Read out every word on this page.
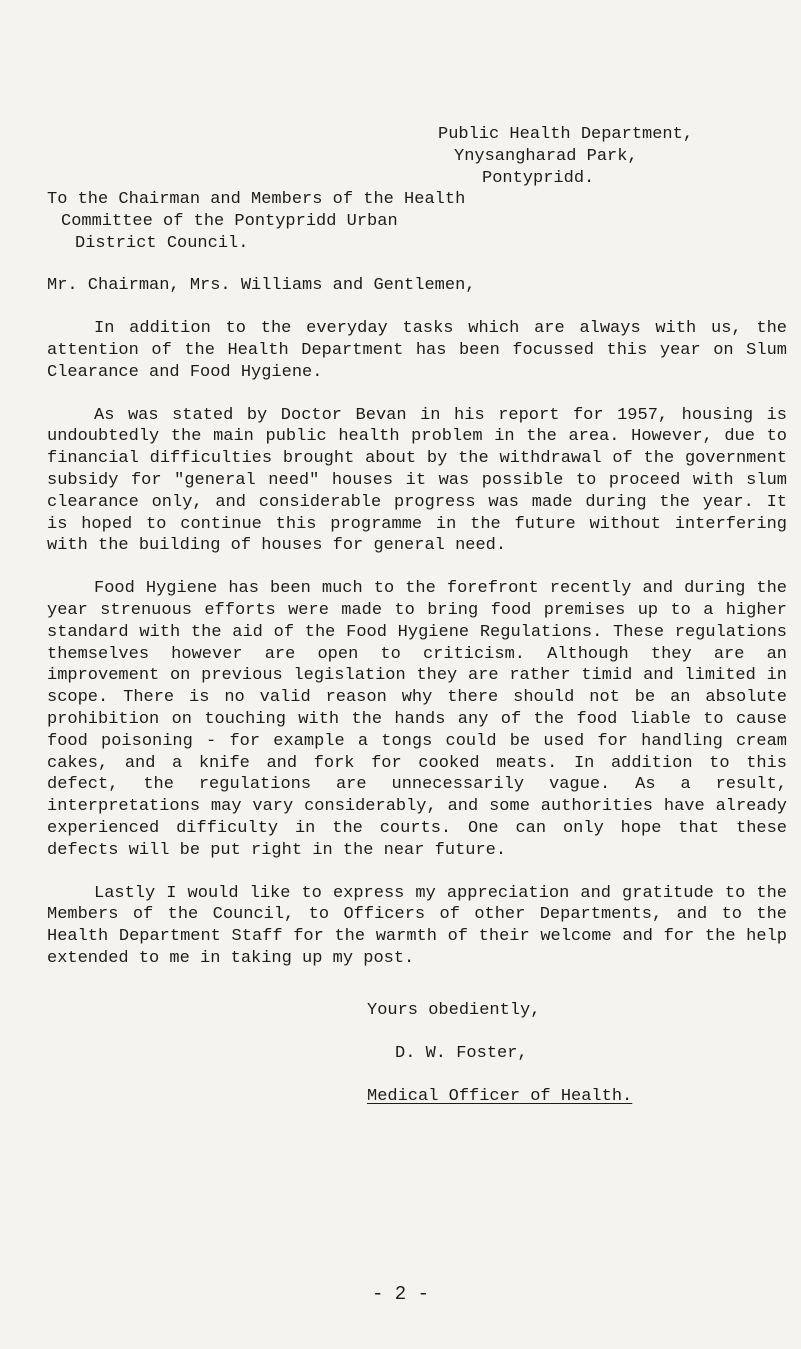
Public Health Department,
Ynysangharad Park,
Pontypridd.
To the Chairman and Members of the Health
Committee of the Pontypridd Urban
District Council.
Mr. Chairman, Mrs. Williams and Gentlemen,

In addition to the everyday tasks which are always with us, the attention of the Health Department has been focussed this year on Slum Clearance and Food Hygiene.

As was stated by Doctor Bevan in his report for 1957, housing is undoubtedly the main public health problem in the area. However, due to financial difficulties brought about by the withdrawal of the government subsidy for "general need" houses it was possible to proceed with slum clearance only, and considerable progress was made during the year. It is hoped to continue this programme in the future without interfering with the building of houses for general need.

Food Hygiene has been much to the forefront recently and during the year strenuous efforts were made to bring food premises up to a higher standard with the aid of the Food Hygiene Regulations. These regulations themselves however are open to criticism. Although they are an improvement on previous legislation they are rather timid and limited in scope. There is no valid reason why there should not be an absolute prohibition on touching with the hands any of the food liable to cause food poisoning - for example a tongs could be used for handling cream cakes, and a knife and fork for cooked meats. In addition to this defect, the regulations are unnecessarily vague. As a result, interpretations may vary considerably, and some authorities have already experienced difficulty in the courts. One can only hope that these defects will be put right in the near future.

Lastly I would like to express my appreciation and gratitude to the Members of the Council, to Officers of other Departments, and to the Health Department Staff for the warmth of their welcome and for the help extended to me in taking up my post.

Yours obediently,
D. W. Foster,
Medical Officer of Health.
- 2 -
